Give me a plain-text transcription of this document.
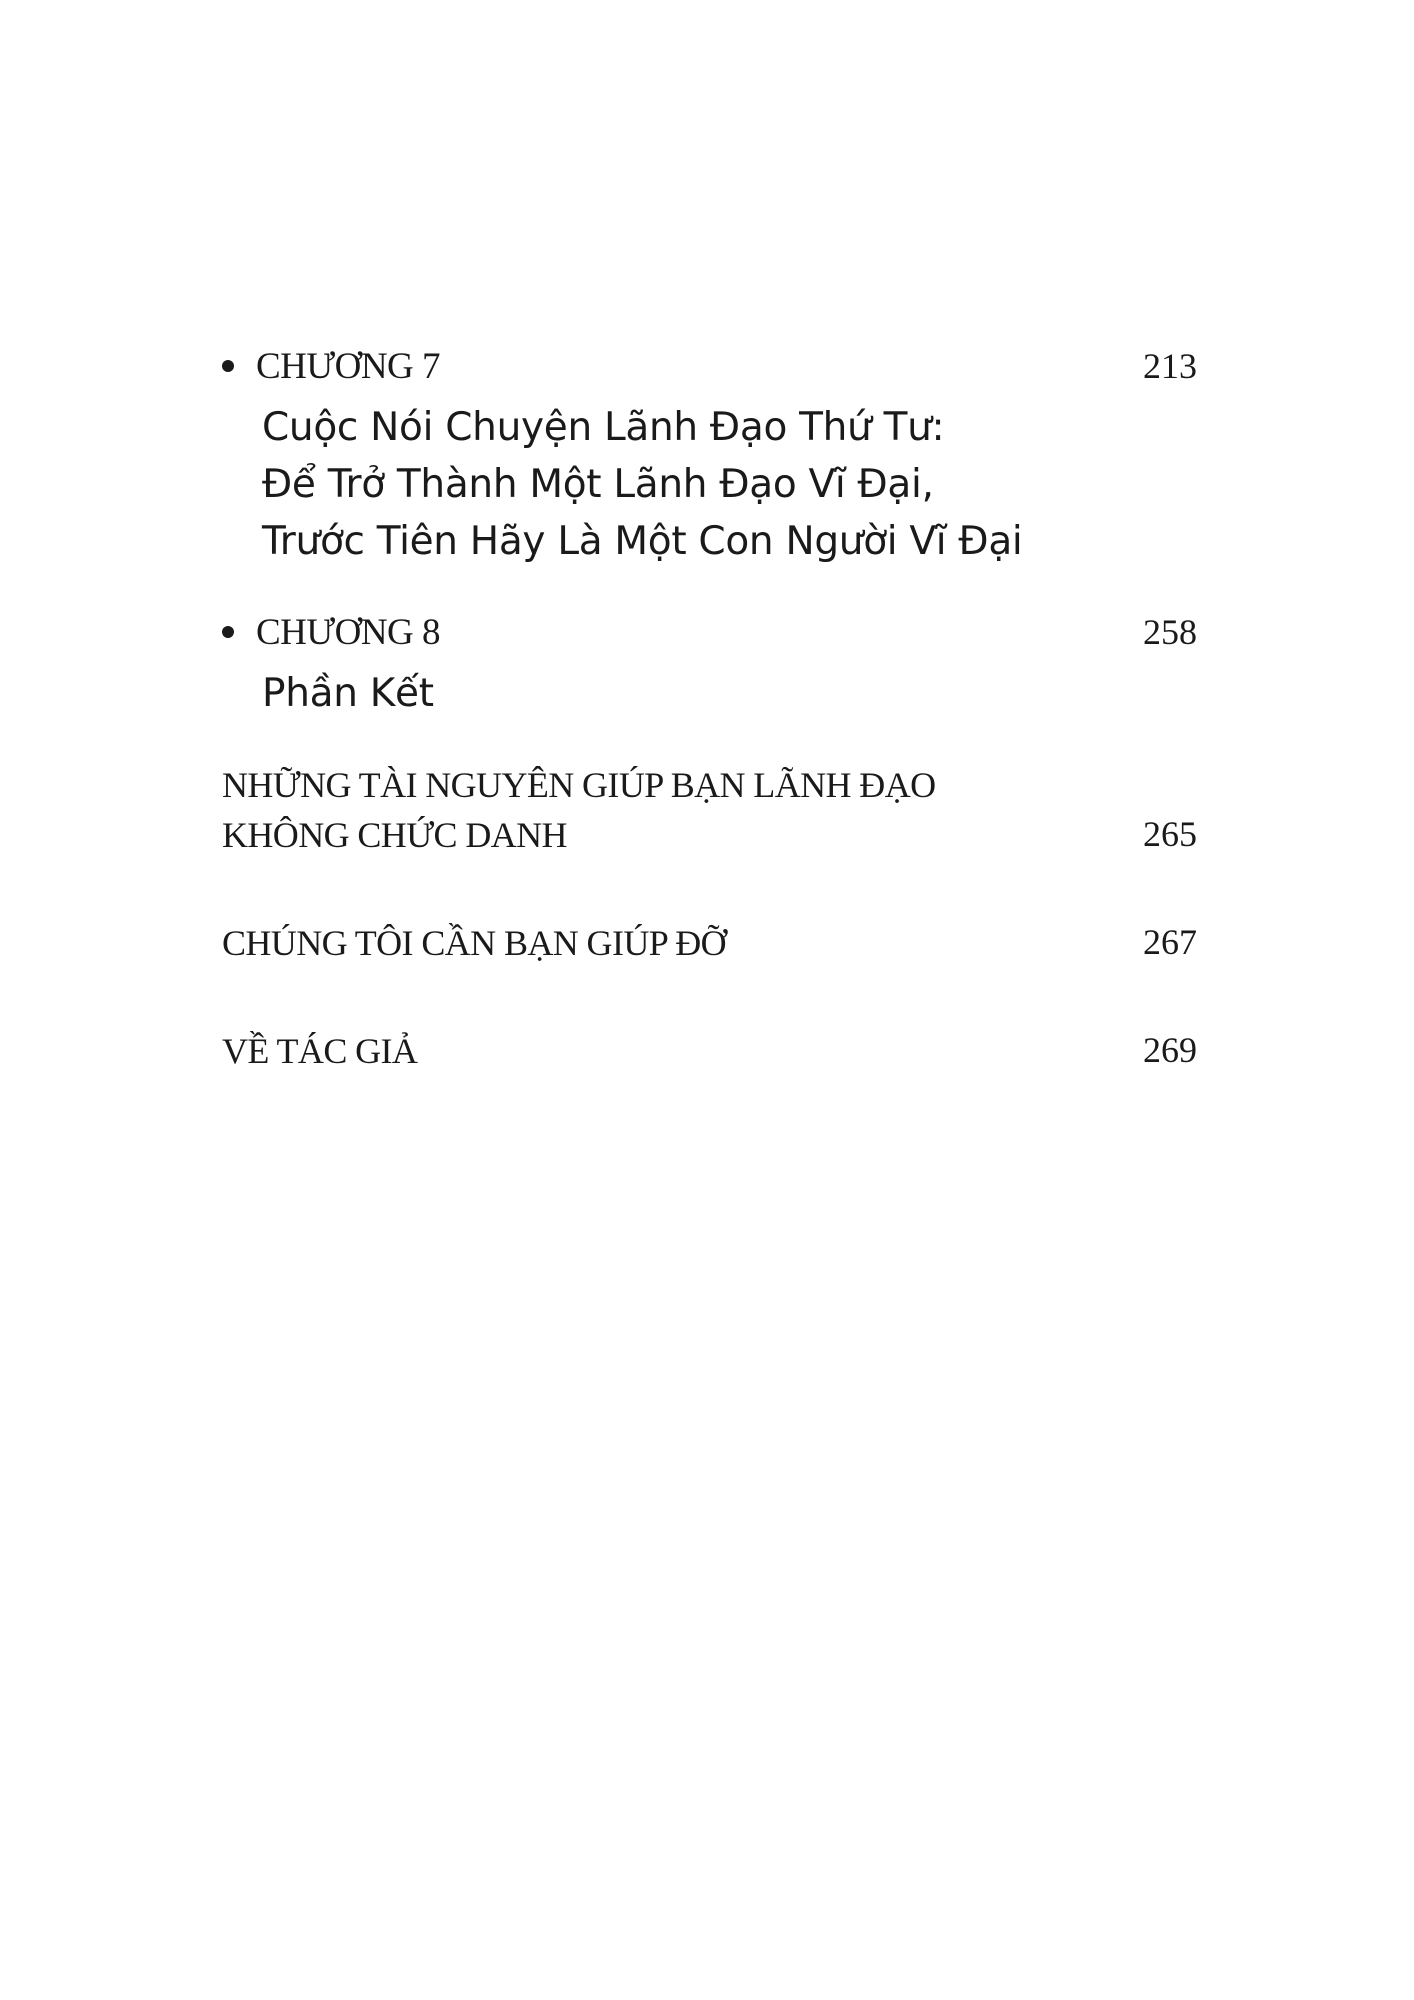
CHƯƠNG 7	213
Cuộc Nói Chuyện Lãnh Đạo Thứ Tư:
Để Trở Thành Một Lãnh Đạo Vĩ Đại,
Trước Tiên Hãy Là Một Con Người Vĩ Đại
CHƯƠNG 8	258
Phần Kết
NHỮNG TÀI NGUYÊN GIÚP BẠN LÃNH ĐẠO
KHÔNG CHỨC DANH	265
CHÚNG TÔI CẦN BẠN GIÚP ĐỠ	267
VỀ TÁC GIẢ	269
